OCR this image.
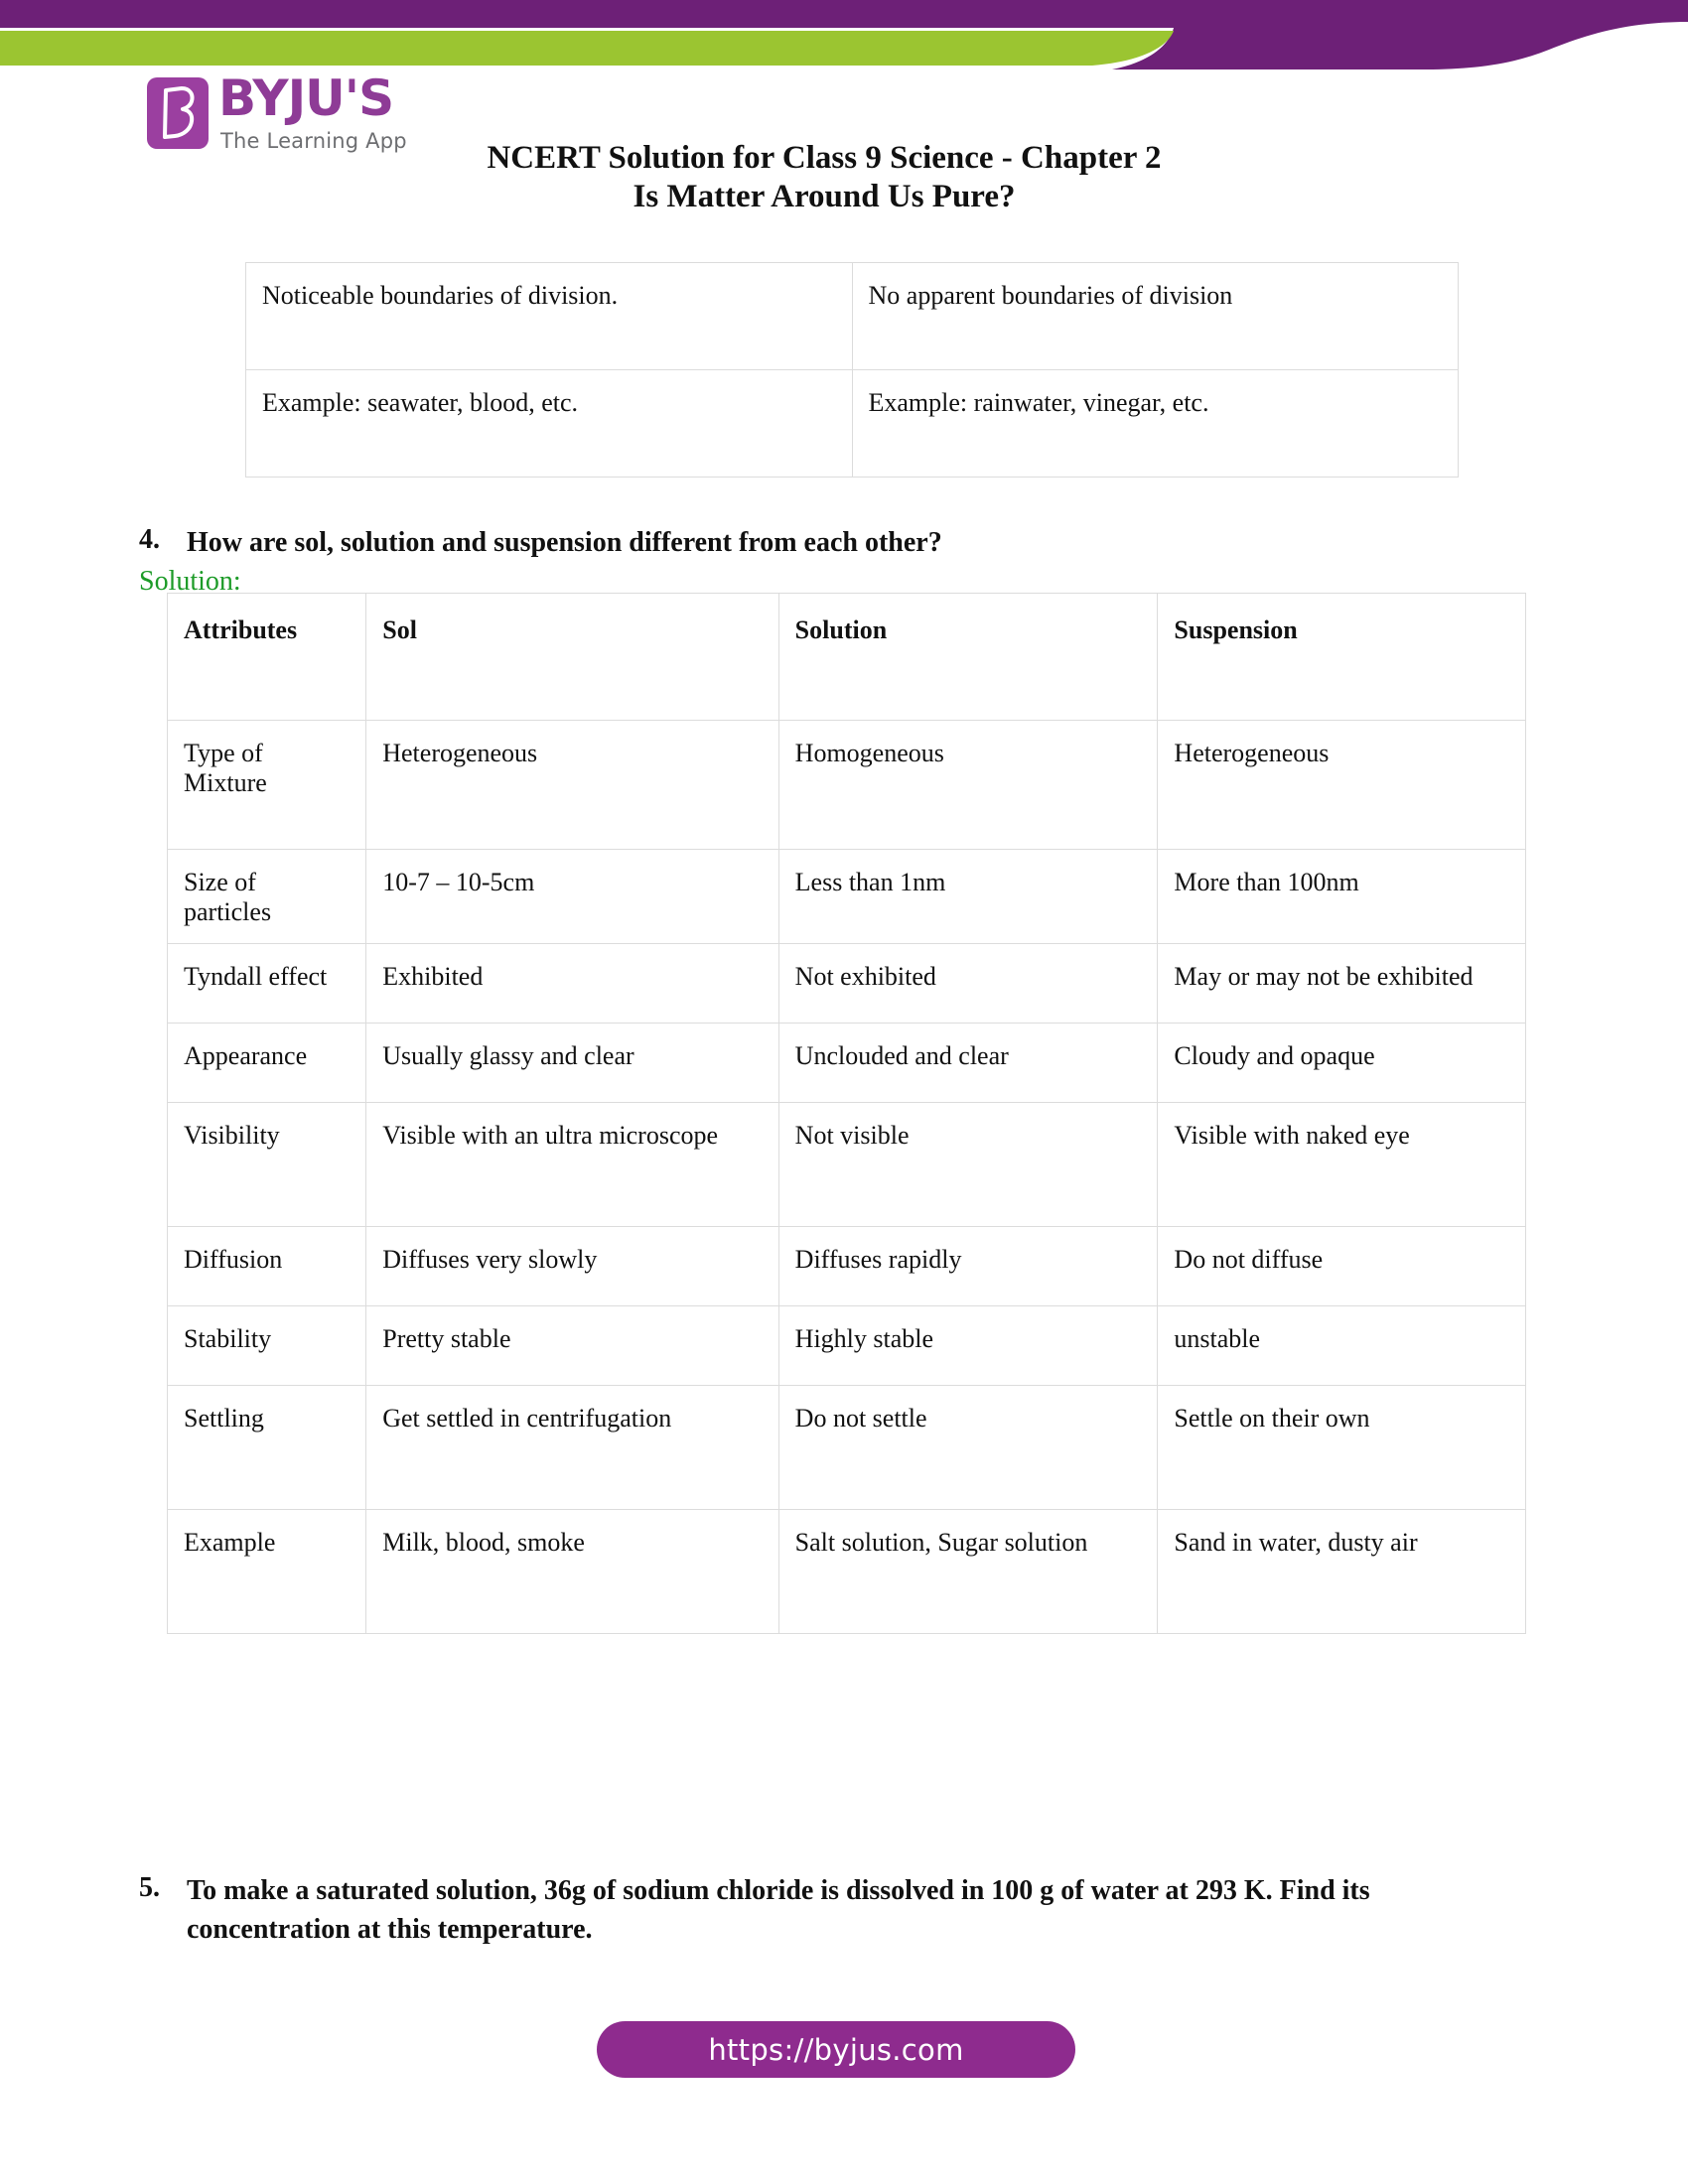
BYJU'S
The Learning App	NCERT Solution for Class 9 Science - Chapter 2
Is Matter Around Us Pure?
Noticeable boundaries of division.	No apparent boundaries of division
Example: seawater, blood, etc.	Example: rainwater, vinegar, etc.
4. How are sol, solution and suspension different from each other?
Solution:
Attributes	Sol	Solution	Suspension
Type of Mixture	Heterogeneous	Homogeneous	Heterogeneous
Size of particles	10-7 – 10-5cm	Less than 1nm	More than 100nm
Tyndall effect	Exhibited	Not exhibited	May or may not be exhibited
Appearance	Usually glassy and clear	Unclouded and clear	Cloudy and opaque
Visibility	Visible with an ultra microscope	Not visible	Visible with naked eye
Diffusion	Diffuses very slowly	Diffuses rapidly	Do not diffuse
Stability	Pretty stable	Highly stable	unstable
Settling	Get settled in centrifugation	Do not settle	Settle on their own
Example	Milk, blood, smoke	Salt solution, Sugar solution	Sand in water, dusty air
5. To make a saturated solution, 36g of sodium chloride is dissolved in 100 g of water at 293 K. Find its concentration at this temperature.
https://byjus.com
